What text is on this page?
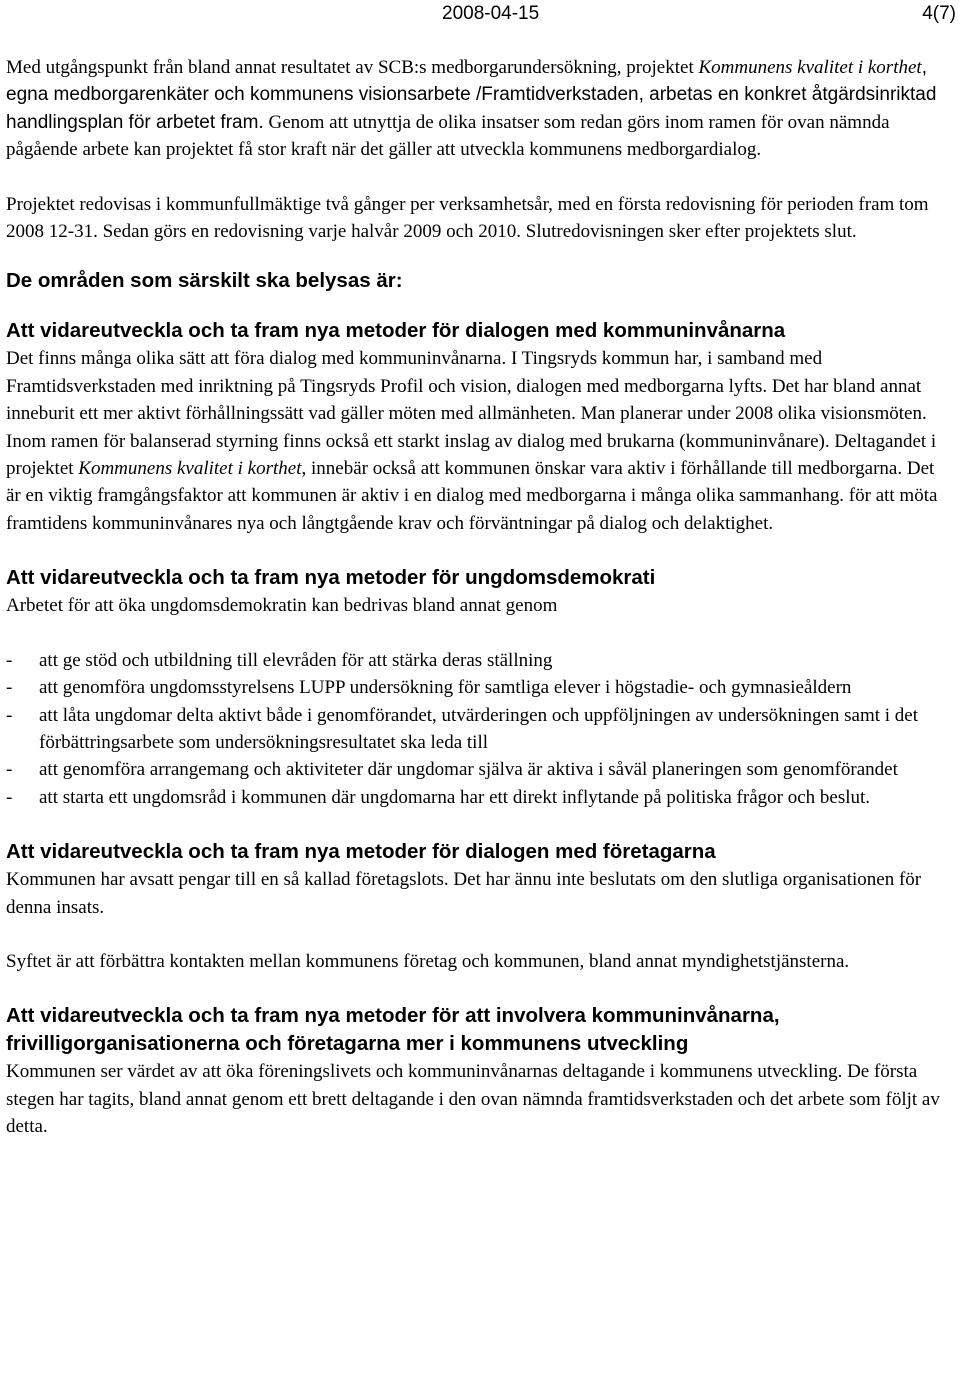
2008-04-15	4(7)

Med utgångspunkt från bland annat resultatet av SCB:s medborgarundersökning, projektet Kommunens kvalitet i korthet, egna medborgarenkäter och kommunens visionsarbete /Framtidverkstaden, arbetas en konkret åtgärdsinriktad handlingsplan för arbetet fram. Genom att utnyttja de olika insatser som redan görs inom ramen för ovan nämnda pågående arbete kan projektet få stor kraft när det gäller att utveckla kommunens medborgardialog.

Projektet redovisas i kommunfullmäktige två gånger per verksamhetsår, med en första redovisning för perioden fram tom 2008 12-31. Sedan görs en redovisning varje halvår 2009 och 2010. Slutredovisningen sker efter projektets slut.

De områden som särskilt ska belysas är:
Att vidareutveckla och ta fram nya metoder för dialogen med kommuninvånarna

Det finns många olika sätt att föra dialog med kommuninvånarna. I Tingsryds kommun har, i samband med Framtidsverkstaden med inriktning på Tingsryds Profil och vision, dialogen med medborgarna lyfts. Det har bland annat inneburit ett mer aktivt förhållningssätt vad gäller möten med allmänheten. Man planerar under 2008 olika visionsmöten. Inom ramen för balanserad styrning finns också ett starkt inslag av dialog med brukarna (kommuninvånare). Deltagandet i projektet Kommunens kvalitet i korthet, innebär också att kommunen önskar vara aktiv i förhållande till medborgarna. Det är en viktig framgångsfaktor att kommunen är aktiv i en dialog med medborgarna i många olika sammanhang. för att möta framtidens kommuninvånares nya och långtgående krav och förväntningar på dialog och delaktighet.

Att vidareutveckla och ta fram nya metoder för ungdomsdemokrati

Arbetet för att öka ungdomsdemokratin kan bedrivas bland annat genom

- att ge stöd och utbildning till elevråden för att stärka deras ställning
- att genomföra ungdomsstyrelsens LUPP undersökning för samtliga elever i högstadie- och gymnasieåldern
- att låta ungdomar delta aktivt både i genomförandet, utvärderingen och uppföljningen av undersökningen samt i det förbättringsarbete som undersökningsresultatet ska leda till
- att genomföra arrangemang och aktiviteter där ungdomar själva är aktiva i såväl planeringen som genomförandet
- att starta ett ungdomsråd i kommunen där ungdomarna har ett direkt inflytande på politiska frågor och beslut.
Att vidareutveckla och ta fram nya metoder för dialogen med företagarna

Kommunen har avsatt pengar till en så kallad företagslots. Det har ännu inte beslutats om den slutliga organisationen för denna insats.

Syftet är att förbättra kontakten mellan kommunens företag och kommunen, bland annat myndighetstjänsterna.

Att vidareutveckla och ta fram nya metoder för att involvera kommuninvånarna, frivilligorganisationerna och företagarna mer i kommunens utveckling

Kommunen ser värdet av att öka föreningslivets och kommuninvånarnas deltagande i kommunens utveckling. De första stegen har tagits, bland annat genom ett brett deltagande i den ovan nämnda framtidsverkstaden och det arbete som följt av detta.
